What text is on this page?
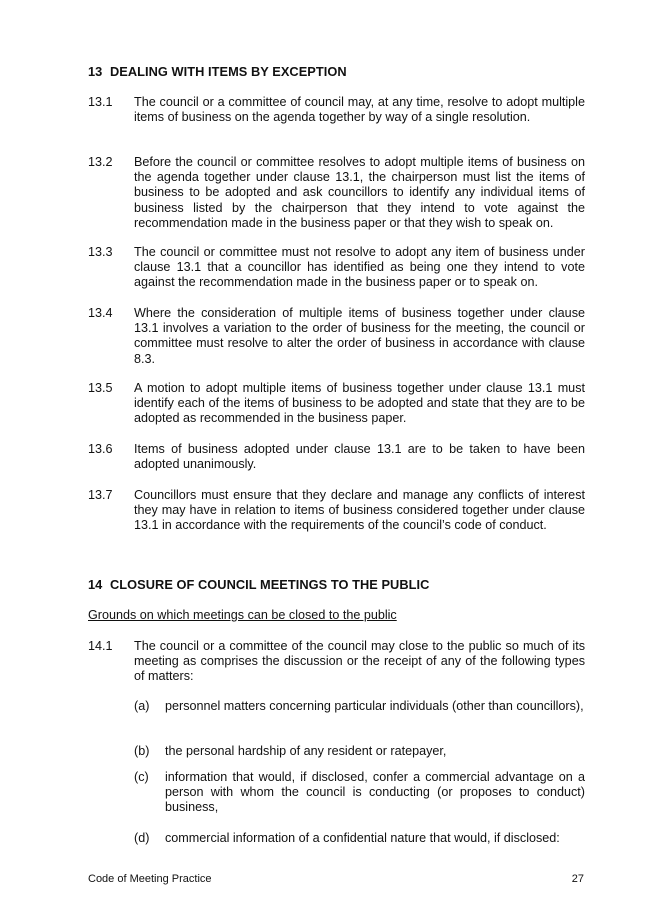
13 DEALING WITH ITEMS BY EXCEPTION
13.1 The council or a committee of council may, at any time, resolve to adopt multiple items of business on the agenda together by way of a single resolution.
13.2 Before the council or committee resolves to adopt multiple items of business on the agenda together under clause 13.1, the chairperson must list the items of business to be adopted and ask councillors to identify any individual items of business listed by the chairperson that they intend to vote against the recommendation made in the business paper or that they wish to speak on.
13.3 The council or committee must not resolve to adopt any item of business under clause 13.1 that a councillor has identified as being one they intend to vote against the recommendation made in the business paper or to speak on.
13.4 Where the consideration of multiple items of business together under clause 13.1 involves a variation to the order of business for the meeting, the council or committee must resolve to alter the order of business in accordance with clause 8.3.
13.5 A motion to adopt multiple items of business together under clause 13.1 must identify each of the items of business to be adopted and state that they are to be adopted as recommended in the business paper.
13.6 Items of business adopted under clause 13.1 are to be taken to have been adopted unanimously.
13.7 Councillors must ensure that they declare and manage any conflicts of interest they may have in relation to items of business considered together under clause 13.1 in accordance with the requirements of the council’s code of conduct.
14 CLOSURE OF COUNCIL MEETINGS TO THE PUBLIC
Grounds on which meetings can be closed to the public
14.1 The council or a committee of the council may close to the public so much of its meeting as comprises the discussion or the receipt of any of the following types of matters:
(a) personnel matters concerning particular individuals (other than councillors),
(b) the personal hardship of any resident or ratepayer,
(c) information that would, if disclosed, confer a commercial advantage on a person with whom the council is conducting (or proposes to conduct) business,
(d) commercial information of a confidential nature that would, if disclosed:
Code of Meeting Practice	27
